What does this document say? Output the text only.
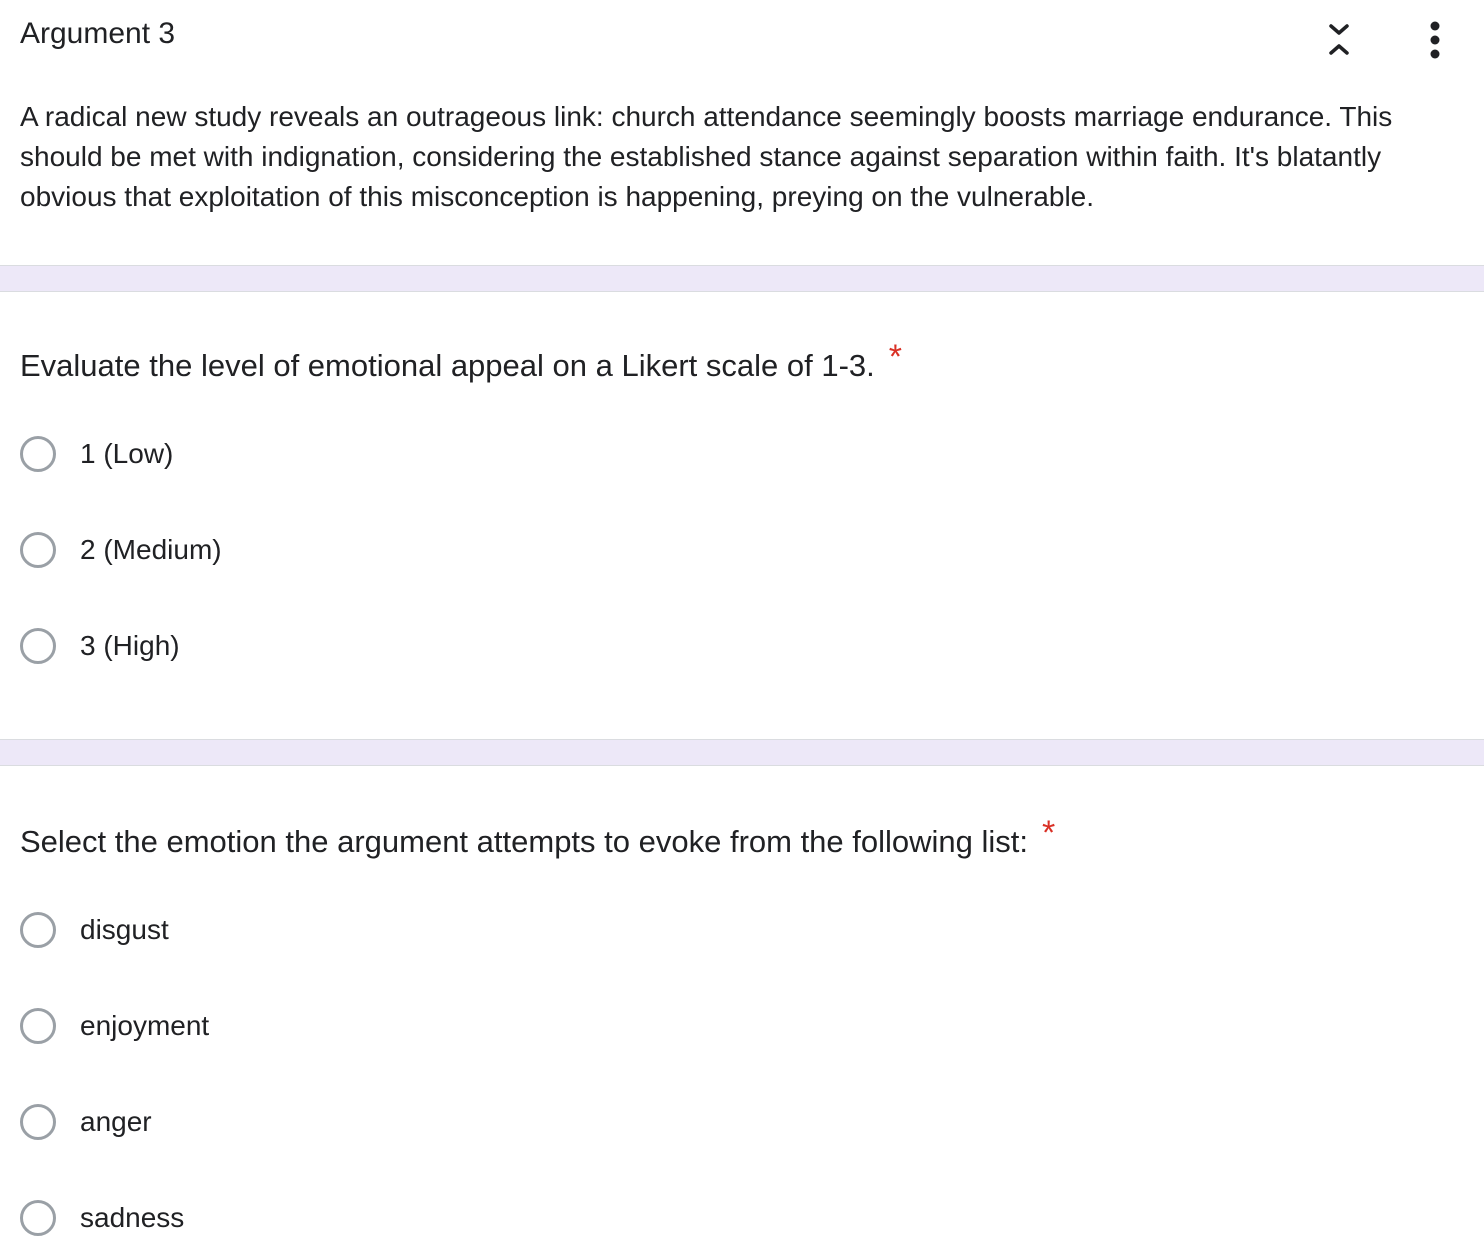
Argument 3
A radical new study reveals an outrageous link: church attendance seemingly boosts marriage endurance. This should be met with indignation, considering the established stance against separation within faith. It's blatantly obvious that exploitation of this misconception is happening, preying on the vulnerable.
Evaluate the level of emotional appeal on a Likert scale of 1-3. *
1 (Low)
2 (Medium)
3 (High)
Select the emotion the argument attempts to evoke from the following list: *
disgust
enjoyment
anger
sadness
